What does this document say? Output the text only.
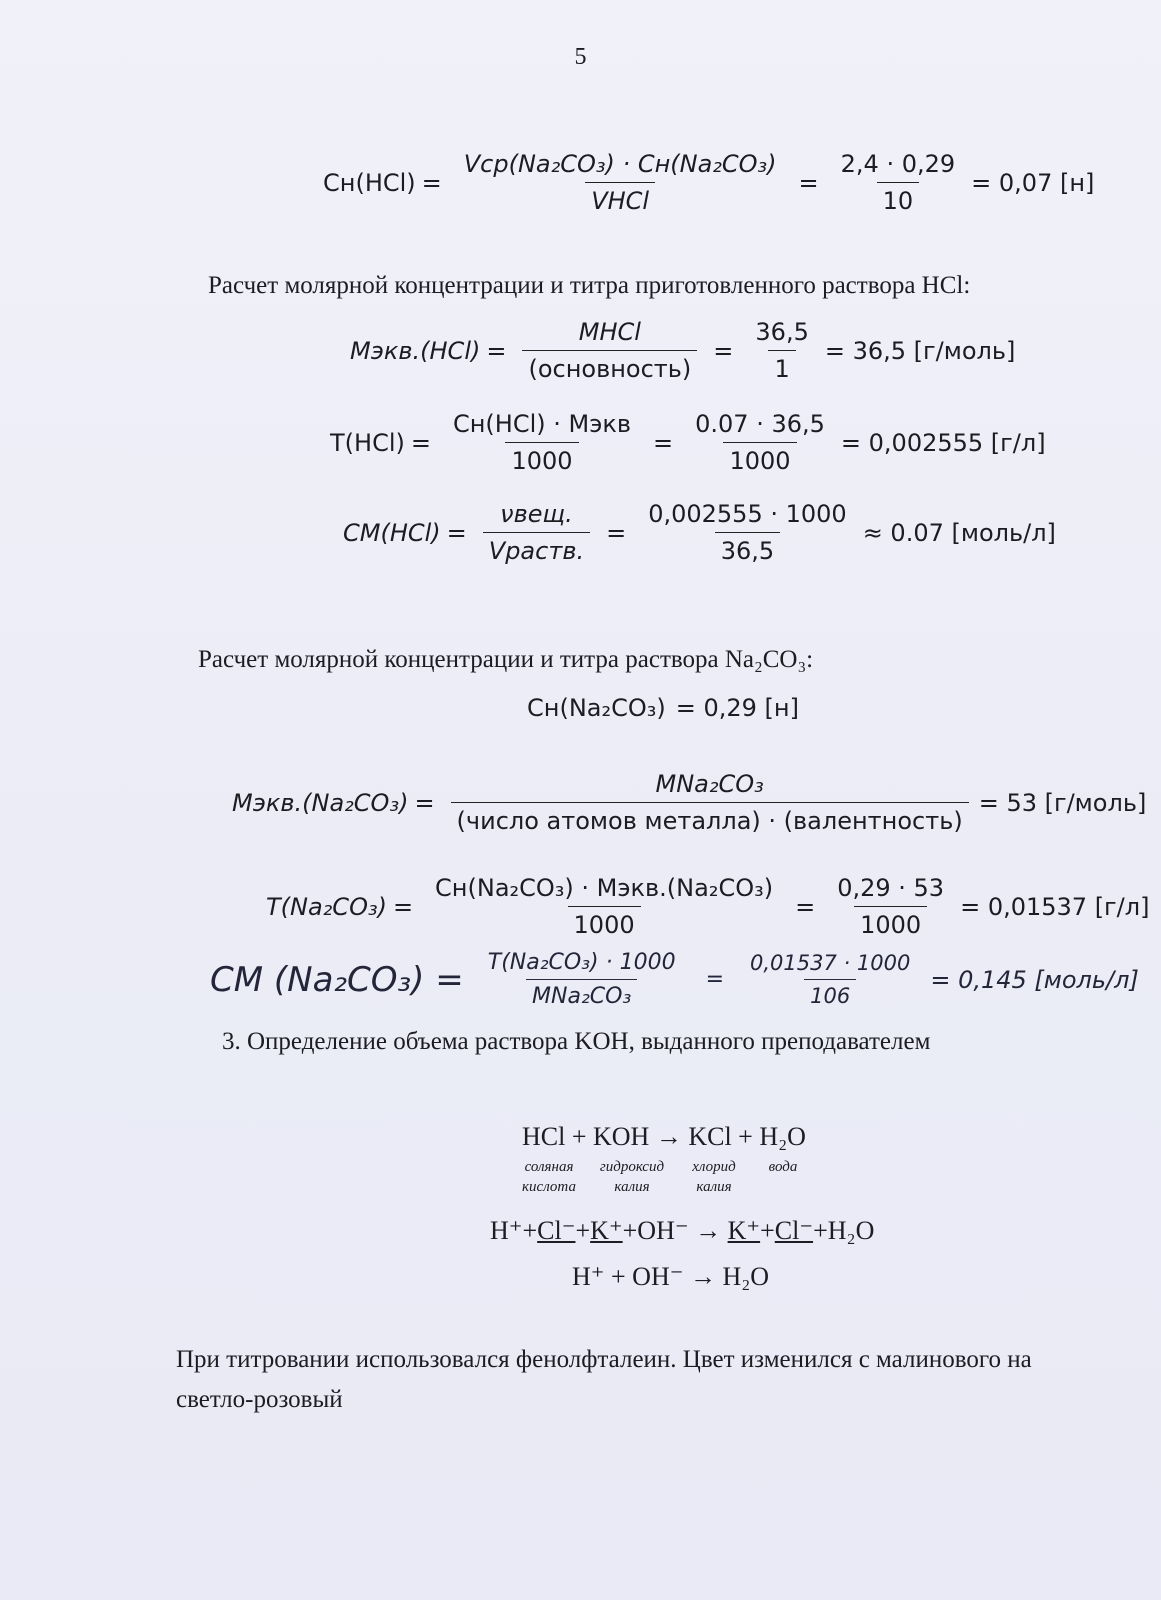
5
$Cн(HCl) = \frac{\text{Vср(Na₂CO₃) · Cн(Na₂CO₃)}}{\text{VHCl}} = \frac{2,4 \cdot 0,29}{10} = 0,07$ [н]
Расчет молярной концентрации и титра приготовленного раствора HCl:
Mэкв.(HCl) = $\frac{\text{MHCl}}{\text{(основность)}} = \frac{36,5}{1} = 36,5$ [г/моль]
$T(HCl) = \frac{\text{Cн(HCl) · Mэкв}}{1000} = \frac{0.07 \cdot 36,5}{1000} = 0,002555$ [г/л]
$CM(HCl) = \frac{\text{νвещ.}}{\text{Vраств.}} = \frac{0,002555 \cdot 1000}{36,5} \approx 0.07$ [моль/л]
Расчет молярной концентрации и титра раствора Na₂CO₃:
Cн(Na₂CO₃) = 0,29 [н]
Mэкв.(Na₂CO₃) = $\frac{\text{MNa₂CO₃}}{\text{(число атомов металла) · (валентность)}} = 53$ [г/моль]
$T(Na_2CO_3) = \frac{\text{Cн(Na₂CO₃) · Mэкв.(Na₂CO₃)}}{1000} = \frac{0,29 \cdot 53}{1000} = 0,01537$ [г/л]
CM $(Na_2CO_3) = \frac{\text{T(Na₂CO₃) · 1000}}{\text{MNa₂CO₃}} = \frac{0,01537 \cdot 1000}{106} = 0,145$ [моль/л]
3. Определение объема раствора KOH, выданного преподавателем
HCl + KOH → KCl + H₂O
соляная
кислота
гидроксид
калия
хлорид
калия
вода
H⁺+Cl⁻+K⁺+OH⁻ → K⁺+Cl⁻+H₂O
H⁺ + OH⁻ → H₂O
При титровании использовался фенолфталеин. Цвет изменился с малинового на светло-розовый
